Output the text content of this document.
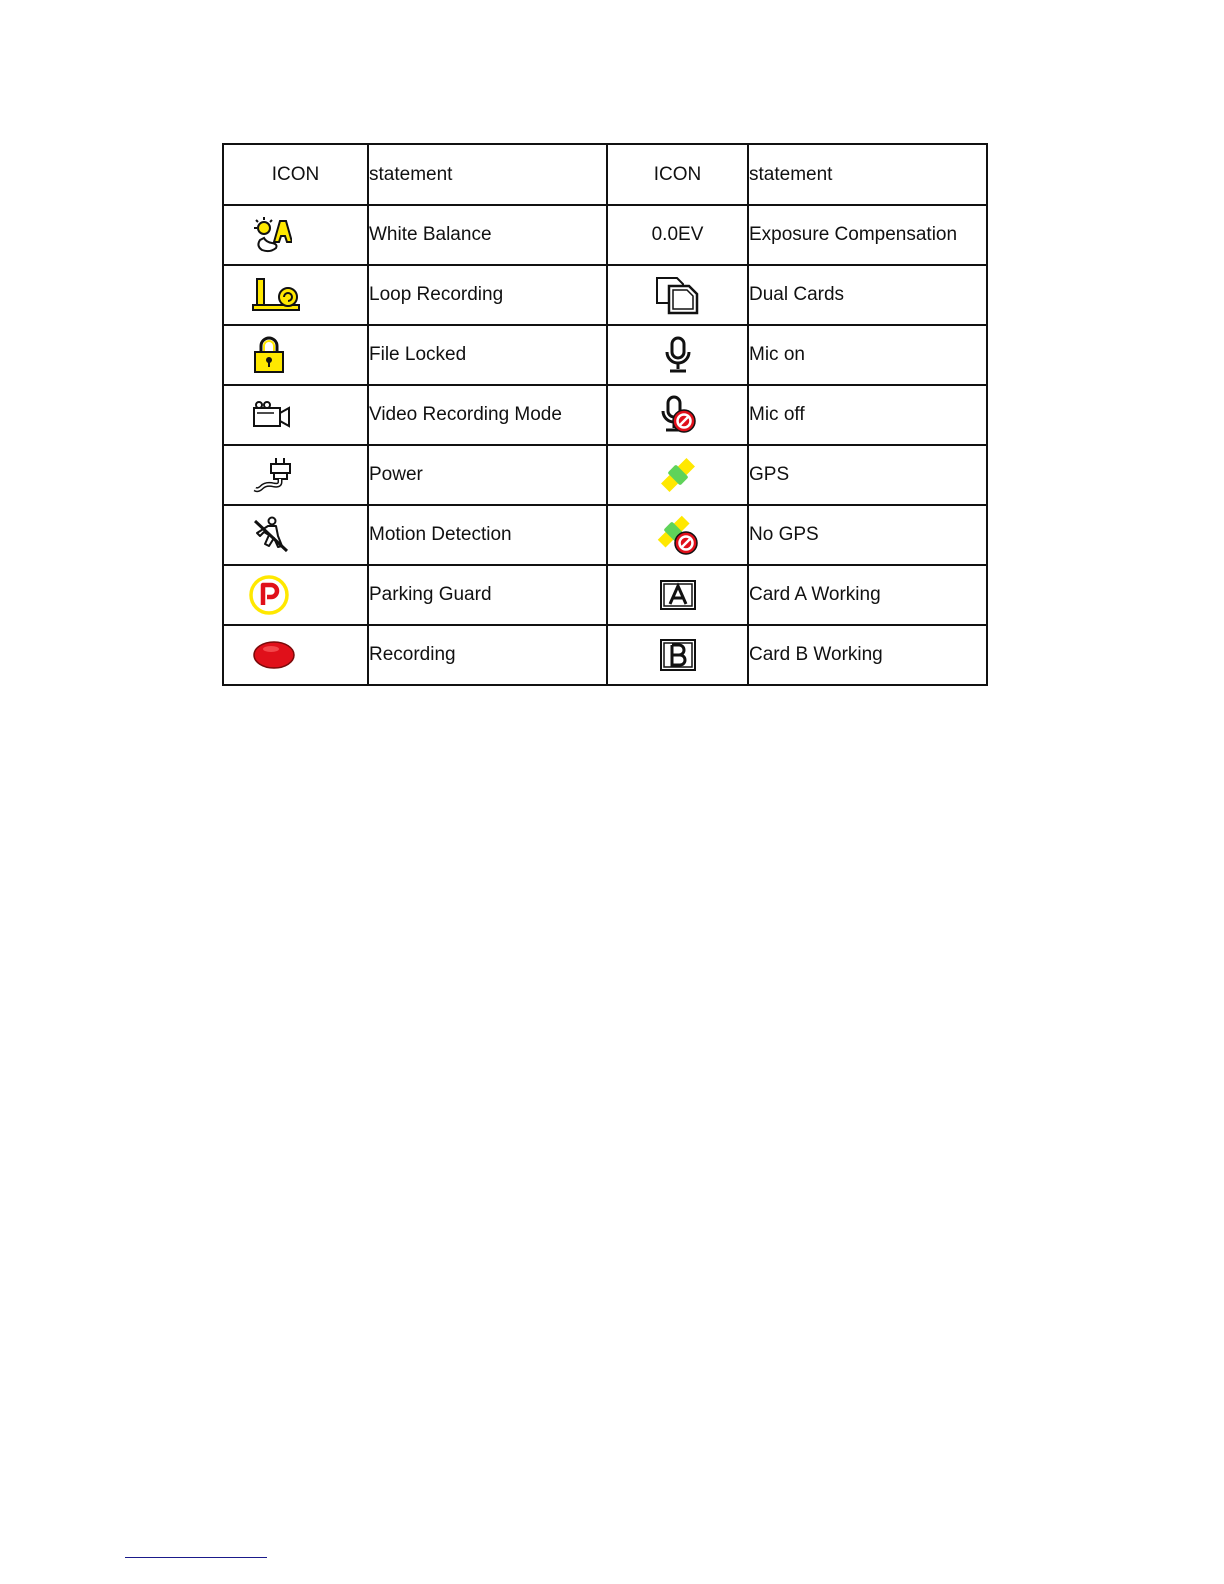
ICON	statement	ICON	statement
	White Balance	0.0EV	Exposure Compensation
	Loop Recording		Dual Cards
	File Locked		Mic on
	Video Recording Mode		Mic off
	Power		GPS
	Motion Detection		No GPS
	Parking Guard		Card A Working
	Recording		Card B Working
